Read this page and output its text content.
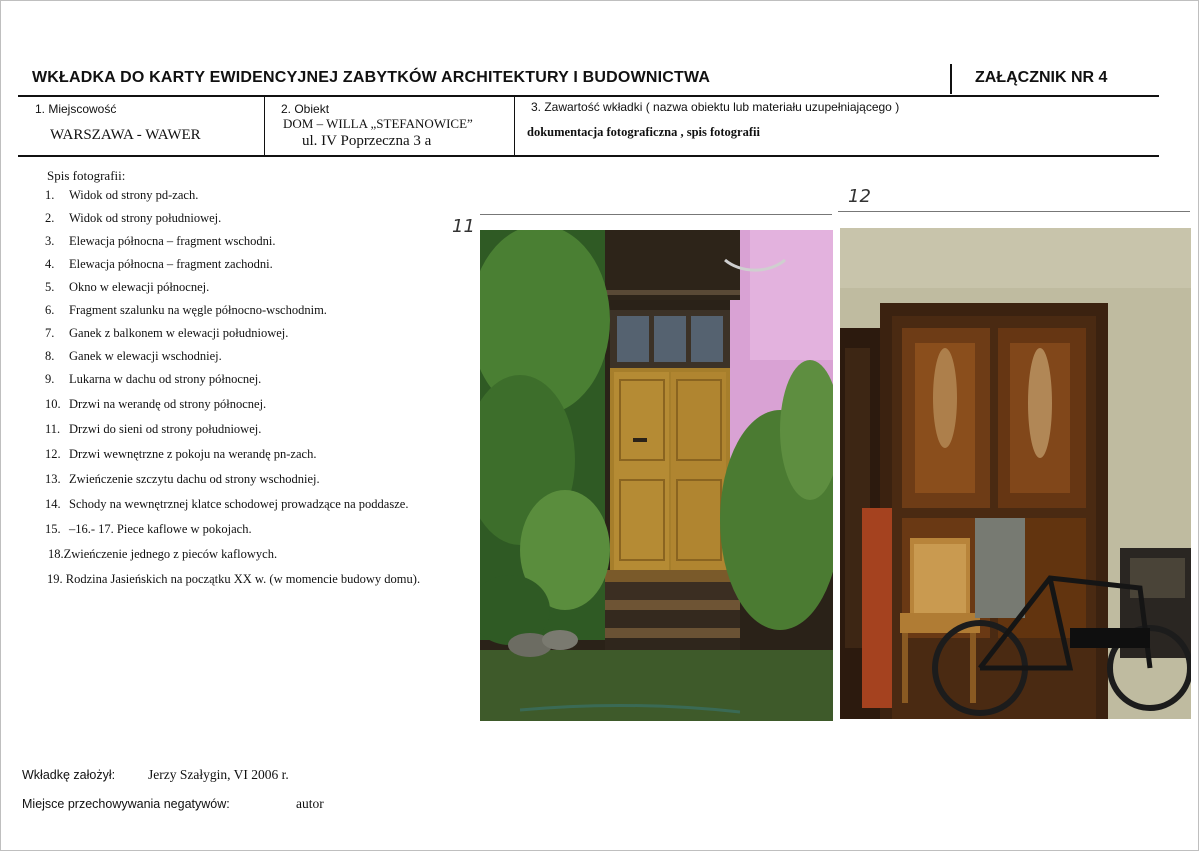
WKŁADKA DO KARTY EWIDENCYJNEJ ZABYTKÓW ARCHITEKTURY I BUDOWNICTWA	ZAŁĄCZNIK NR 4
1. Miejscowość
WARSZAWA - WAWER
2. Obiekt
DOM – WILLA „STEFANOWICE”
ul. IV Poprzeczna 3 a
3. Zawartość wkładki ( nazwa obiektu lub materiału uzupełniającego )
dokumentacja fotograficzna , spis fotografii
Spis fotografii:
1. Widok od strony pd-zach.
2. Widok od strony południowej.
3. Elewacja północna – fragment wschodni.
4. Elewacja północna – fragment zachodni.
5. Okno w elewacji północnej.
6. Fragment szalunku na węgle północno-wschodnim.
7. Ganek z balkonem w elewacji południowej.
8. Ganek w elewacji wschodniej.
9. Lukarna w dachu od strony północnej.
10. Drzwi na werandę od strony północnej.
11. Drzwi do sieni od strony południowej.
12. Drzwi wewnętrzne z pokoju na werandę pn-zach.
13. Zwieńczenie szczytu dachu od strony wschodniej.
14. Schody na wewnętrznej klatce schodowej prowadzące na poddasze.
15. –16.- 17. Piece kaflowe w pokojach.
18.Zwieńczenie jednego z pieców kaflowych.
19. Rodzina Jasieńskich na początku XX w. (w momencie budowy domu).
11
12
Wkładkę założył: Jerzy Szałygin, VI 2006 r.
Miejsce przechowywania negatywów:	autor
